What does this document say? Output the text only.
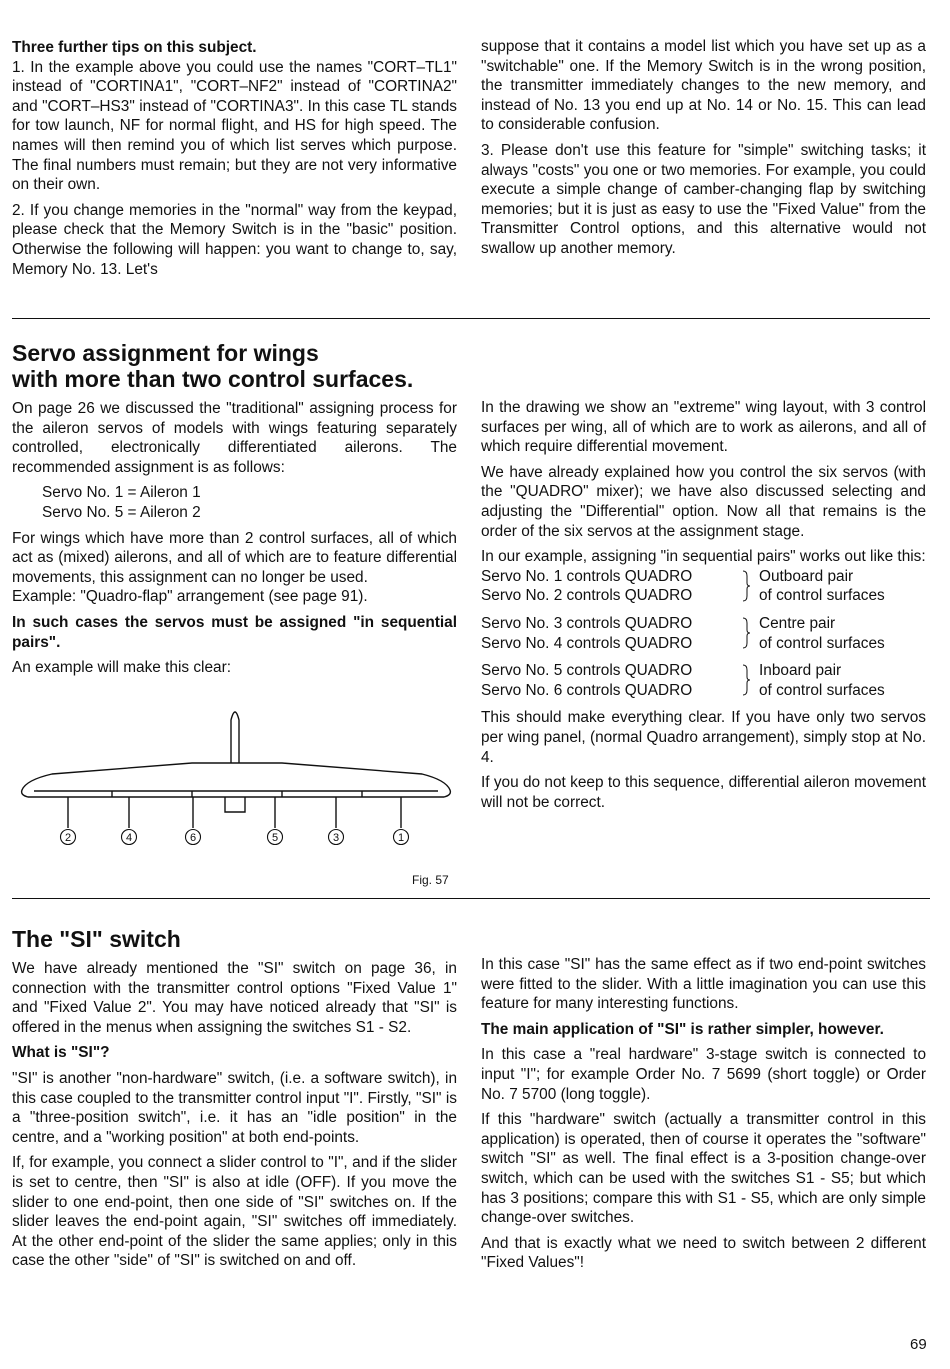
Three further tips on this subject.

1. In the example above you could use the names "CORT–TL1" instead of "CORTINA1", "CORT–NF2" instead of "CORTINA2" and "CORT–HS3" instead of "CORTINA3". In this case TL stands for tow launch, NF for normal flight, and HS for high speed. The names will then remind you of which list serves which purpose. The final numbers must remain; but they are not very informative on their own.

2. If you change memories in the "normal" way from the keypad, please check that the Memory Switch is in the "basic" position. Otherwise the following will happen: you want to change to, say, Memory No. 13. Let's

suppose that it contains a model list which you have set up as a "switchable" one. If the Memory Switch is in the wrong position, the transmitter immediately changes to the new memory, and instead of No. 13 you end up at No. 14 or No. 15. This can lead to considerable confusion.

3. Please don't use this feature for "simple" switching tasks; it always "costs" you one or two memories. For example, you could execute a simple change of camber-changing flap by switching memories; but it is just as easy to use the "Fixed Value" from the Transmitter Control options, and this alternative would not swallow up another memory.

Servo assignment for wings
with more than two control surfaces.

On page 26 we discussed the "traditional" assigning process for the aileron servos of models with wings featuring separately controlled, electronically differentiated ailerons. The recommended assignment is as follows:

Servo No. 1 = Aileron 1

Servo No. 5 = Aileron 2

For wings which have more than 2 control surfaces, all of which act as (mixed) ailerons, and all of which are to feature differential movements, this assignment can no longer be used.

Example: "Quadro-flap" arrangement (see page 91).

In such cases the servos must be assigned "in sequential pairs".

An example will make this clear:

2	4	6	5	3	1
Fig. 57

In the drawing we show an "extreme" wing layout, with 3 control surfaces per wing, all of which are to work as ailerons, and all of which require differential movement.

We have already explained how you control the six servos (with the "QUADRO" mixer); we have also discussed selecting and adjusting the "Differential" option. Now all that remains is the order of the six servos at the assignment stage.

In our example, assigning "in sequential pairs" works out like this:

Servo No. 1 controls QUADRO
Servo No. 2 controls QUADRO
Outboard pair
of control surfaces
Servo No. 3 controls QUADRO
Servo No. 4 controls QUADRO
Centre pair
of control surfaces
Servo No. 5 controls QUADRO
Servo No. 6 controls QUADRO
Inboard pair
of control surfaces

This should make everything clear. If you have only two servos per wing panel, (normal Quadro arrangement), simply stop at No. 4.

If you do not keep to this sequence, differential aileron movement will not be correct.

The "SI" switch

We have already mentioned the "SI" switch on page 36, in connection with the transmitter control options "Fixed Value 1" and "Fixed Value 2". You may have noticed already that "SI" is offered in the menus when assigning the switches S1 - S2.

What is "SI"?

"SI" is another "non-hardware" switch, (i.e. a software switch), in this case coupled to the transmitter control input "I". Firstly, "SI" is a "three-position switch", i.e. it has an "idle position" in the centre, and a "working position" at both end-points.

If, for example, you connect a slider control to "I", and if the slider is set to centre, then "SI" is also at idle (OFF). If you move the slider to one end-point, then one side of "SI" switches on. If the slider leaves the end-point again, "SI" switches off immediately. At the other end-point of the slider the same applies; only in this case the other "side" of "SI" is switched on and off.

In this case "SI" has the same effect as if two end-point switches were fitted to the slider. With a little imagination you can use this feature for many interesting functions.

The main application of "SI" is rather simpler, however.

In this case a "real hardware" 3-stage switch is connected to input "I"; for example Order No. 7 5699 (short toggle) or Order No. 7 5700 (long toggle).

If this "hardware" switch (actually a transmitter control in this application) is operated, then of course it operates the "software" switch "SI" as well. The final effect is a 3-position change-over switch, which can be used with the switches S1 - S5; but which has 3 positions; compare this with S1 - S5, which are only simple change-over switches.

And that is exactly what we need to switch between 2 different "Fixed Values"!

69
